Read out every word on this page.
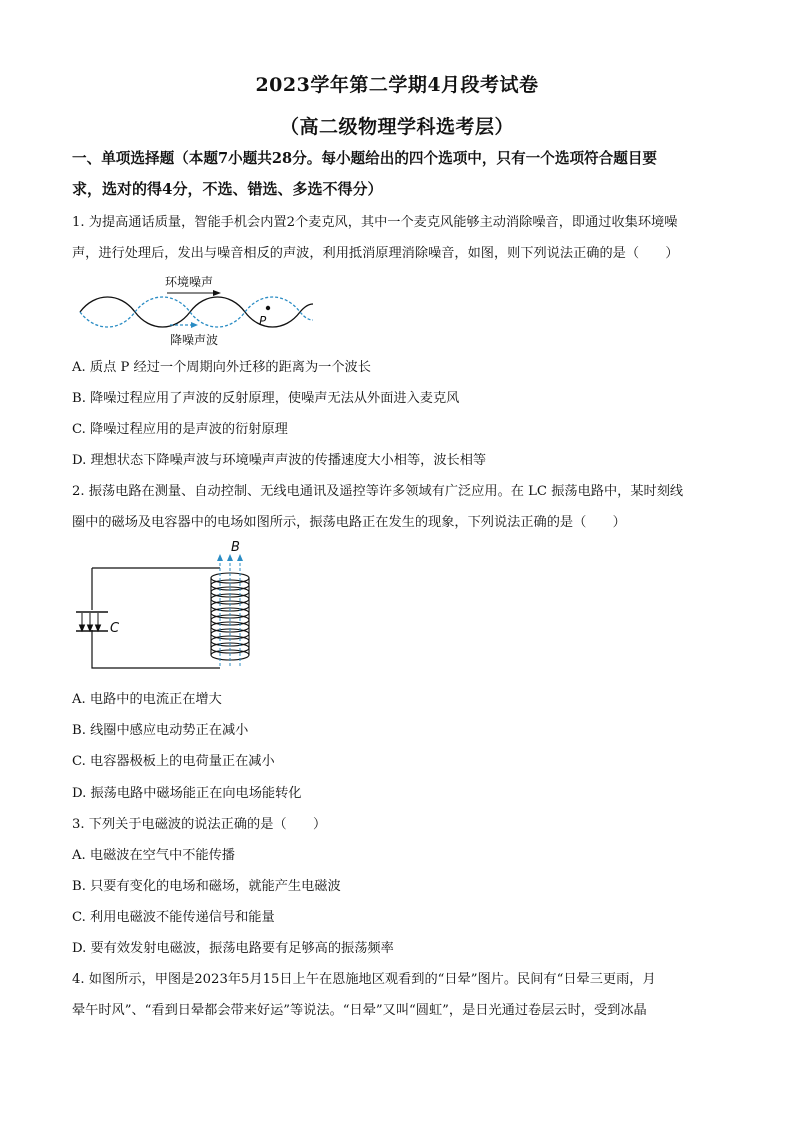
2023学年第二学期4月段考试卷
（高二级物理学科选考层）
一、单项选择题（本题7小题共28分。每小题给出的四个选项中，只有一个选项符合题目要
求，选对的得4分，不选、错选、多选不得分）
1. 为提高通话质量，智能手机会内置2个麦克风，其中一个麦克风能够主动消除噪音，即通过收集环境噪
声，进行处理后，发出与噪音相反的声波，利用抵消原理消除噪音，如图，则下列说法正确的是（　　）
环境噪声
P
降噪声波
A. 质点 P 经过一个周期向外迁移的距离为一个波长
B. 降噪过程应用了声波的反射原理，使噪声无法从外面进入麦克风
C. 降噪过程应用的是声波的衍射原理
D. 理想状态下降噪声波与环境噪声声波的传播速度大小相等，波长相等
2. 振荡电路在测量、自动控制、无线电通讯及遥控等许多领域有广泛应用。在 LC 振荡电路中，某时刻线
圈中的磁场及电容器中的电场如图所示，振荡电路正在发生的现象，下列说法正确的是（　　）
C
B
A. 电路中的电流正在增大
B. 线圈中感应电动势正在减小
C. 电容器极板上的电荷量正在减小
D. 振荡电路中磁场能正在向电场能转化
3. 下列关于电磁波的说法正确的是（　　）
A. 电磁波在空气中不能传播
B. 只要有变化的电场和磁场，就能产生电磁波
C. 利用电磁波不能传递信号和能量
D. 要有效发射电磁波，振荡电路要有足够高的振荡频率
4. 如图所示，甲图是2023年5月15日上午在恩施地区观看到的“日晕”图片。民间有“日晕三更雨，月
晕午时风”、“看到日晕都会带来好运”等说法。“日晕”又叫“圆虹”，是日光通过卷层云时，受到冰晶
